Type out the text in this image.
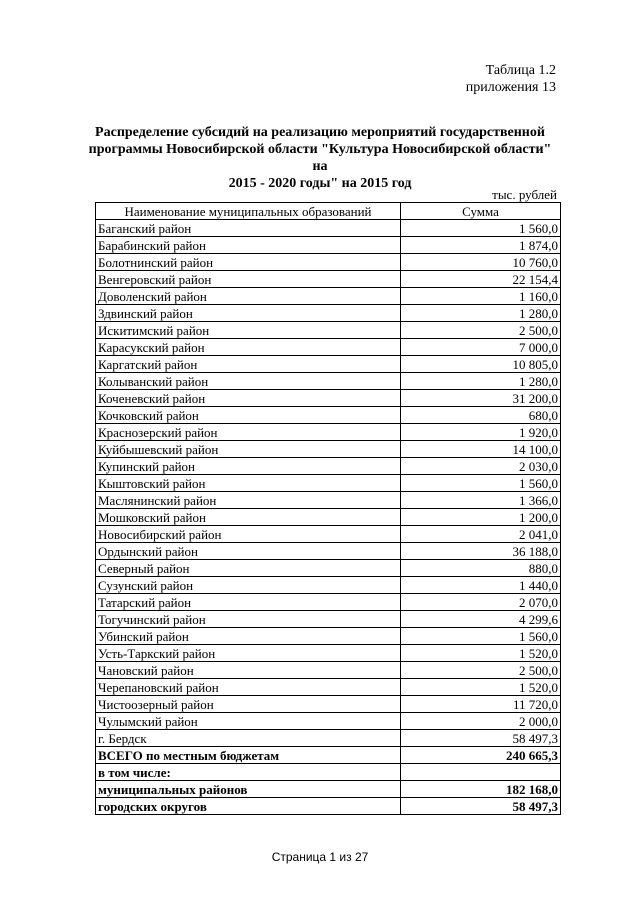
Таблица 1.2
приложения 13
Распределение субсидий на реализацию мероприятий государственной
программы Новосибирской области "Культура Новосибирской области" на
2015 - 2020 годы" на 2015 год
тыс. рублей
Наименование муниципальных образований	Сумма
Баганский район	1 560,0
Барабинский район	1 874,0
Болотнинский район	10 760,0
Венгеровский район	22 154,4
Доволенский район	1 160,0
Здвинский район	1 280,0
Искитимский район	2 500,0
Карасукский район	7 000,0
Каргатский район	10 805,0
Колыванский район	1 280,0
Коченевский район	31 200,0
Кочковский район	680,0
Краснозерский район	1 920,0
Куйбышевский район	14 100,0
Купинский район	2 030,0
Кыштовский район	1 560,0
Маслянинский район	1 366,0
Мошковский район	1 200,0
Новосибирский район	2 041,0
Ордынский район	36 188,0
Северный район	880,0
Сузунский район	1 440,0
Татарский район	2 070,0
Тогучинский район	4 299,6
Убинский район	1 560,0
Усть-Таркский район	1 520,0
Чановский район	2 500,0
Черепановский район	1 520,0
Чистоозерный район	11 720,0
Чулымский район	2 000,0
г. Бердск	58 497,3
ВСЕГО по местным бюджетам	240 665,3
в том числе:	
муниципальных районов	182 168,0
городских округов	58 497,3
Страница 1 из 27
